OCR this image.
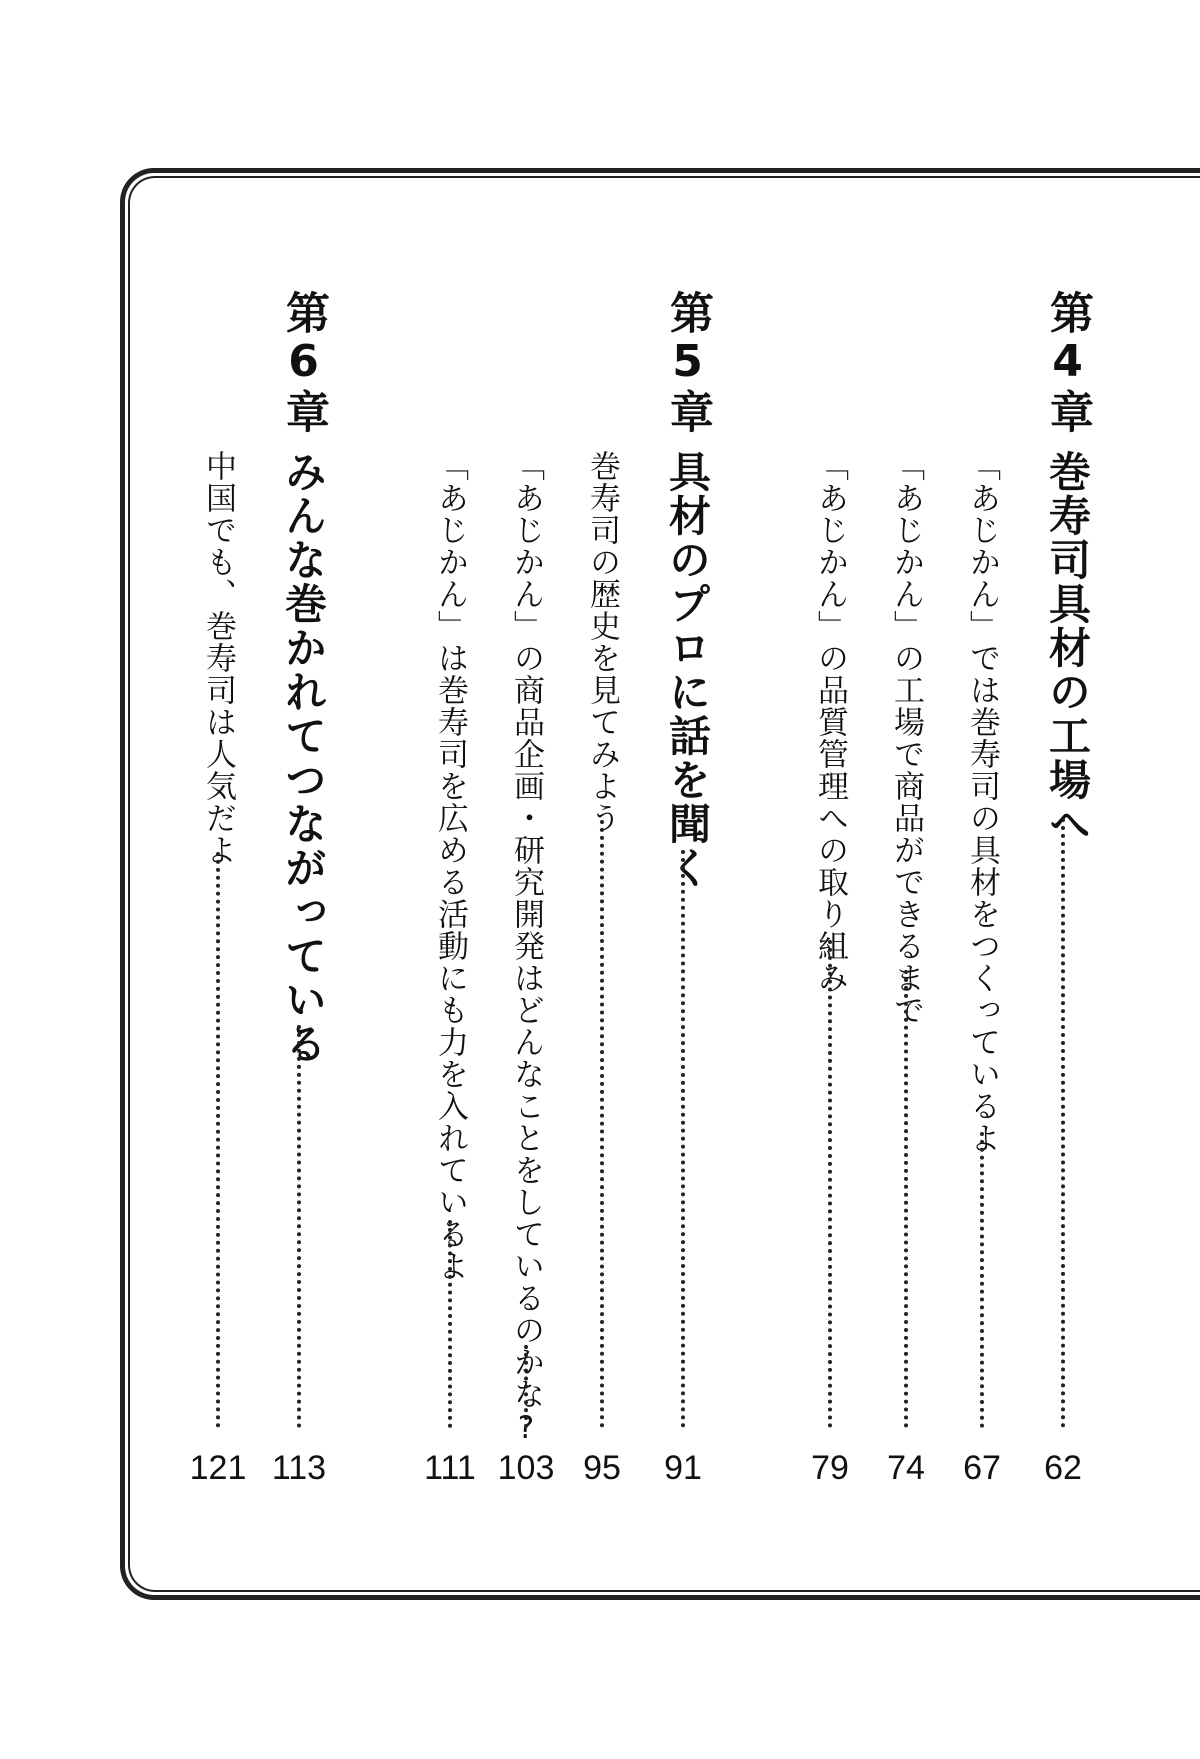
第4章
巻寿司具材の工場へ
62
「あじかん」では巻寿司の具材をつくっているよ
67
「あじかん」の工場で商品ができるまで
74
「あじかん」の品質管理への取り組み
79
第5章
具材のプロに話を聞く
91
巻寿司の歴史を見てみよう
95
「あじかん」の商品企画・研究開発はどんなことをしているのかな?
103
「あじかん」は巻寿司を広める活動にも力を入れているよ
111
第6章
みんな巻かれてつながっている
113
中国でも、巻寿司は人気だよ
121
